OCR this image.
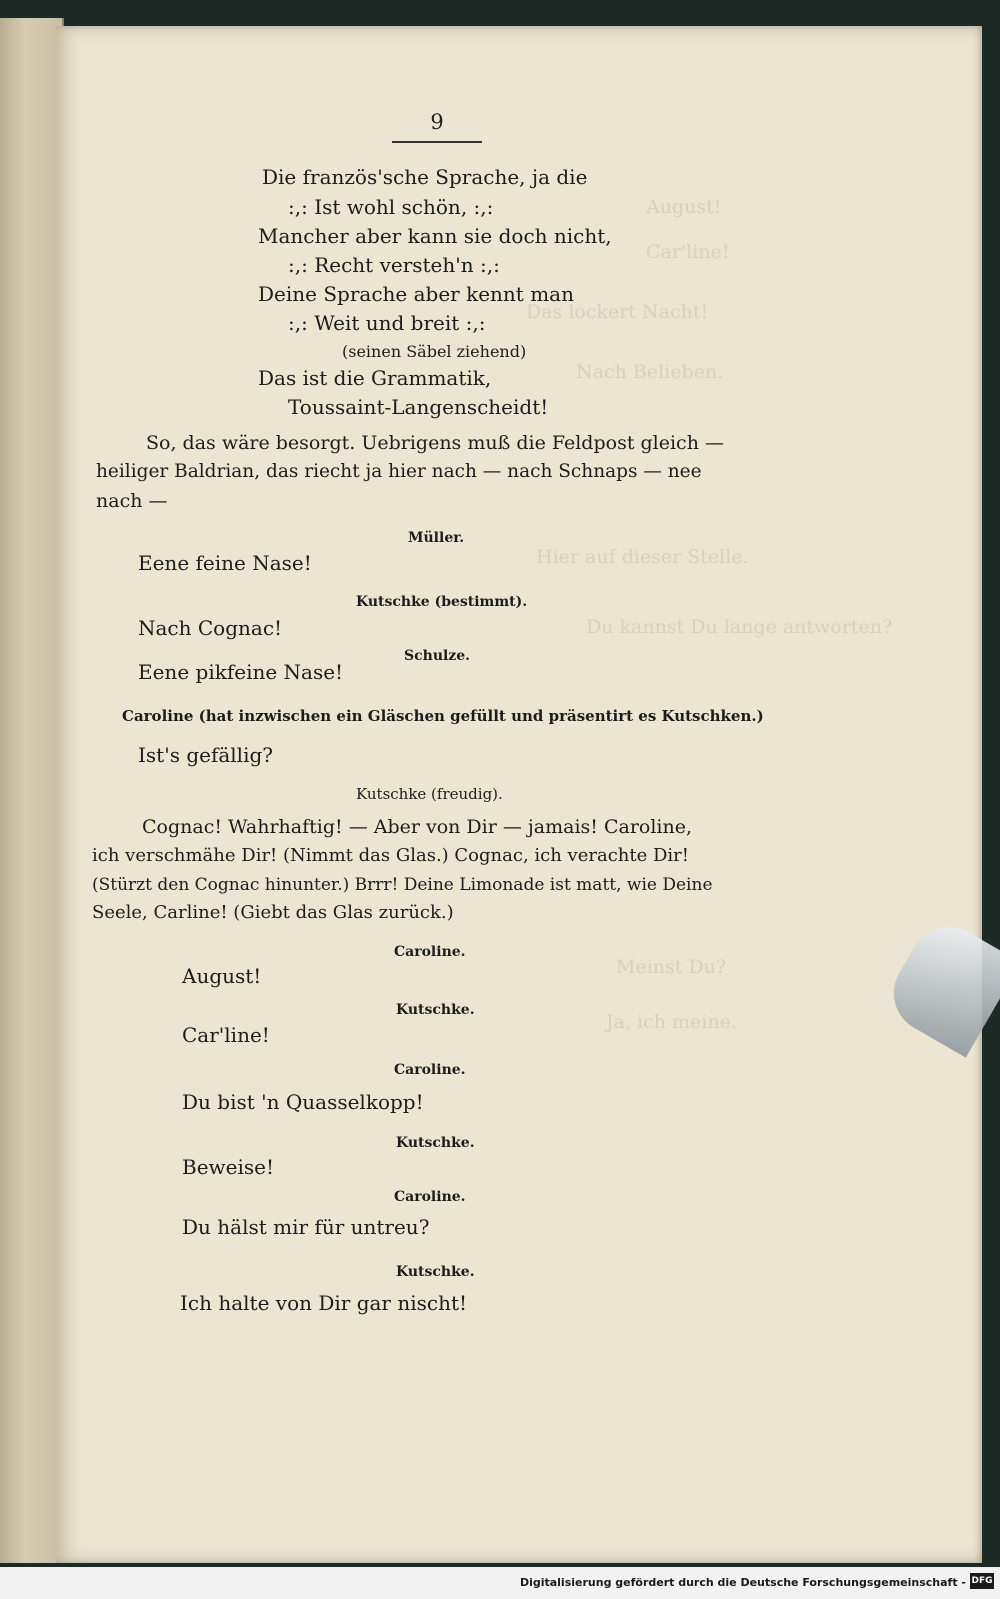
August!
Car'line!
Das lockert Nacht!
Nach Belieben.
Hier auf dieser Stelle.
Du kannst Du lange antworten?
Meinst Du?
Ja, ich meine.
9
Die französ'sche Sprache, ja die
:,: Ist wohl schön, :,:
Mancher aber kann sie doch nicht,
:,: Recht versteh'n :,:
Deine Sprache aber kennt man
:,: Weit und breit :,:
(seinen Säbel ziehend)
Das ist die Grammatik,
Toussaint-Langenscheidt!
So, das wäre besorgt. Uebrigens muß die Feldpost gleich —
heiliger Baldrian, das riecht ja hier nach — nach Schnaps — nee
nach —
Müller.
Eene feine Nase!
Kutschke (bestimmt).
Nach Cognac!
Schulze.
Eene pikfeine Nase!
Caroline (hat inzwischen ein Gläschen gefüllt und präsentirt es Kutschken.)
Ist's gefällig?
Kutschke (freudig).
Cognac! Wahrhaftig! — Aber von Dir — jamais! Caroline,
ich verschmähe Dir! (Nimmt das Glas.) Cognac, ich verachte Dir!
(Stürzt den Cognac hinunter.) Brrr! Deine Limonade ist matt, wie Deine
Seele, Carline! (Giebt das Glas zurück.)
Caroline.
August!
Kutschke.
Car'line!
Caroline.
Du bist 'n Quasselkopp!
Kutschke.
Beweise!
Caroline.
Du hälst mir für untreu?
Kutschke.
Ich halte von Dir gar nischt!
Digitalisierung gefördert durch die Deutsche Forschungsgemeinschaft - DFG
